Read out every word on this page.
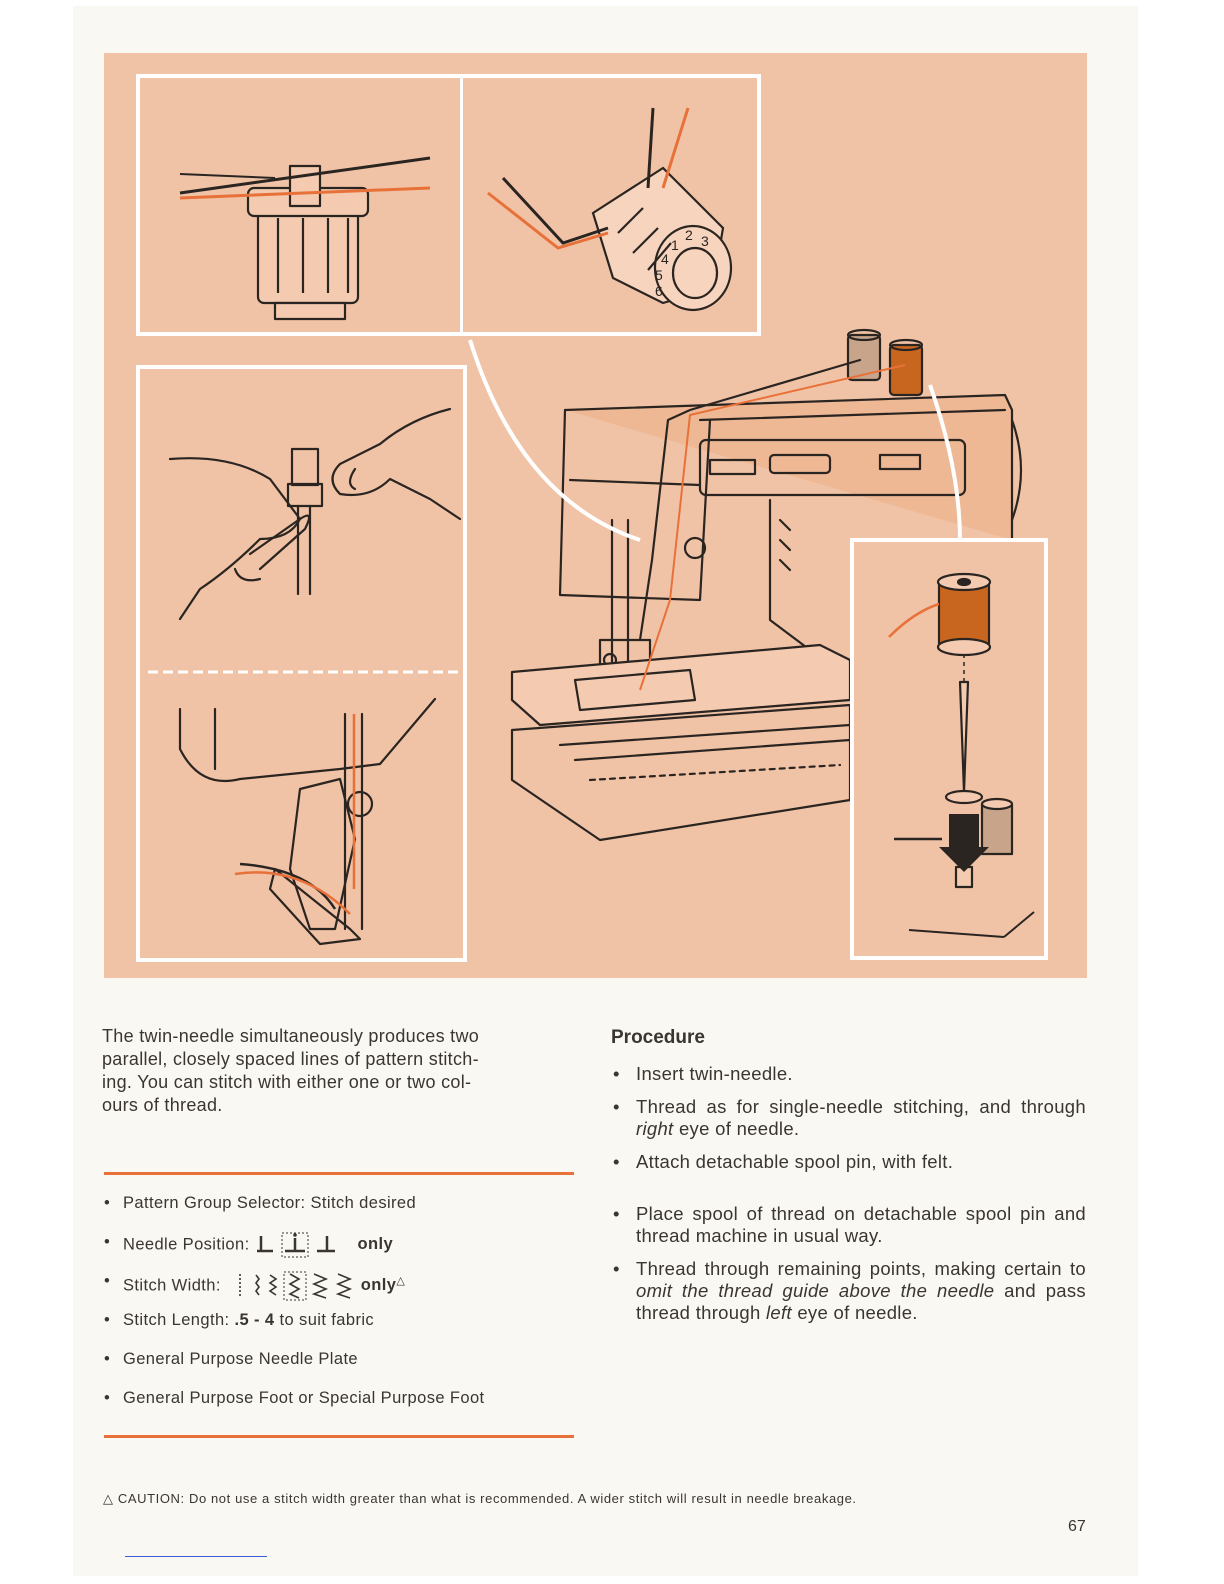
1
2 3
4
5
6

The twin-needle simultaneously produces two
parallel, closely spaced lines of pattern stitch-
ing. You can stitch with either one or two col-
ours of thread.

• Pattern Group Selector: Stitch desired
• Needle Position:	only
• Stitch Width:	only△
• Stitch Length: .5 - 4 to suit fabric
• General Purpose Needle Plate
• General Purpose Foot or Special Purpose Foot
Procedure
• Insert twin-needle.
• Thread as for single-needle stitching, and through right eye of needle.
• Attach detachable spool pin, with felt.
• Place spool of thread on detachable spool pin and thread machine in usual way.
• Thread through remaining points, making certain to omit the thread guide above the needle and pass thread through left eye of needle.
△ CAUTION: Do not use a stitch width greater than what is recommended. A wider stitch will result in needle breakage.
67
